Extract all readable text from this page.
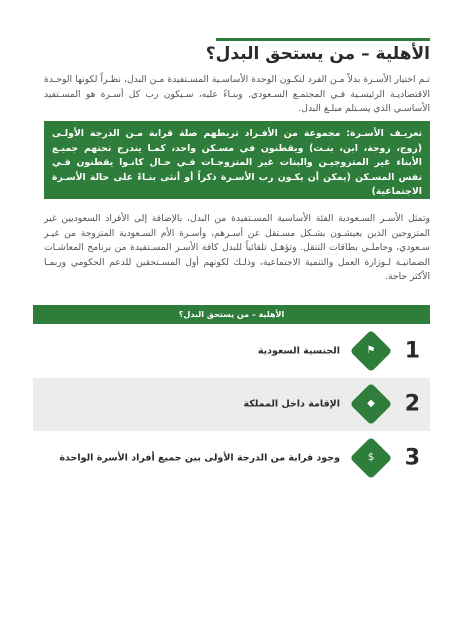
الأهلية – من يستحق البدل؟

تـم اختيار الأسـرة بدلاً مـن الفرد لتكـون الوحدة الأساسـية المسـتفيدة مـن البدل، نظـراً لكونها الوحـدة الاقتصاديـة الرئيسـية فـي المجتمـع السـعودي. وبنـاءً عليه، سـيكون رب كل أسـرة هو المسـتفيد الأساسـي الذي يسـتلم مبلـغ البدل.

تعريـف الأسـرة: مجموعة من الأفـراد تربطهم صلة قرابة مـن الدرجة الأولـى (زوج، زوجة، ابن، بنـت) ويقطنون في مسـكن واحد، كمـا يندرج تحتهم جميـع الأبناء غير المتزوجيـن والبنات غير المتزوجـات فـي حـال كانـوا يقطنون فـي نفس المسـكن (يمكن أن يكـون رب الأسـرة ذكراً أو أنثى بنـاءً على حالة الأسـرة الاجتماعية)

وتمثل الأسـر السـعودية الفئة الأساسية المسـتفيدة من البدل، بالإضافة إلى الأفراد السعوديين غير المتزوجين الذين يعيشـون بشـكل مسـتقل عن أسـرهم، وأسـرة الأم السـعودية المتزوجة من غيـر سـعودي، وحاملـي بطاقات التنقل. وتؤهـل تلقائياً للبدل كافة الأسـر المسـتفيدة من برنامج المعاشـات الضمانيـة لـوزارة العمل والتنمية الاجتماعية، وذلـك لكونهم أول المسـتحقين للدعم الحكومي وربمـا الأكثر حاجة.

الأهلية – من يستحق البدل؟
1
⚑
الجنسية السعودية
2
◆
الإقامة داخل المملكة
3
$
وجود قرابة من الدرجة الأولى بين جميع أفراد الأسرة الواحدة
